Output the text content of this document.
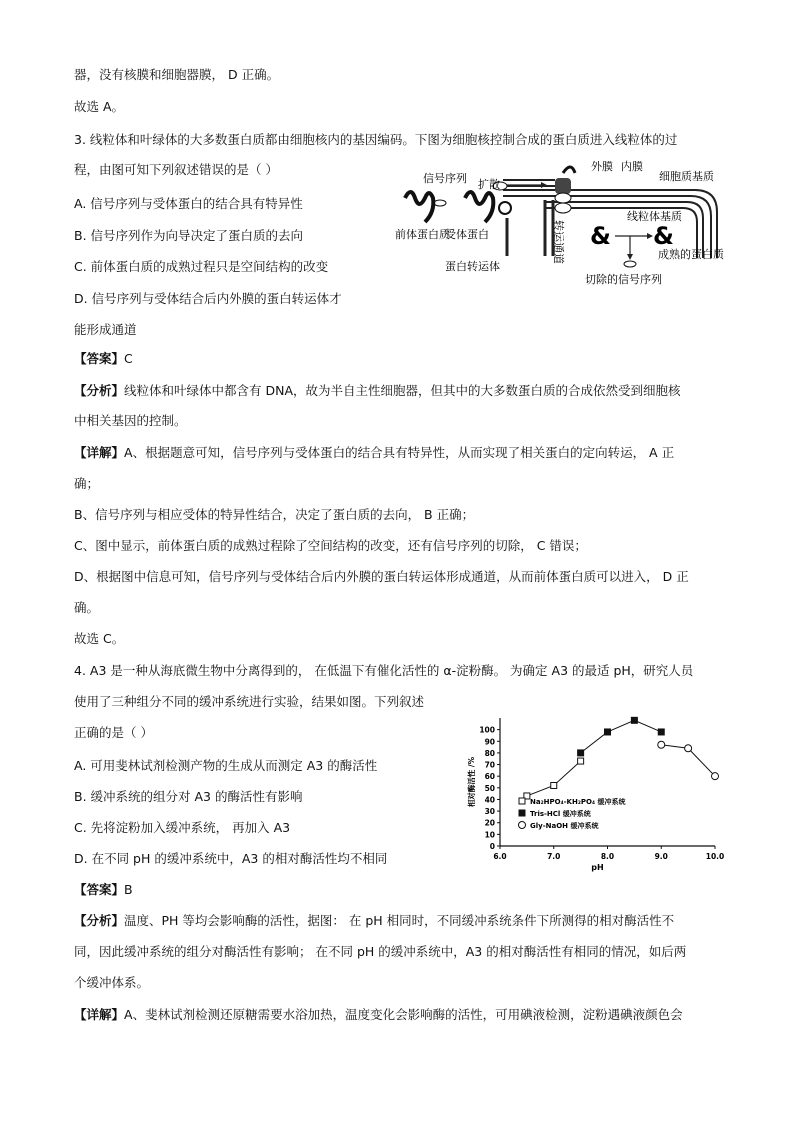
器，没有核膜和细胞器膜， D 正确。
故选 A。
3. 线粒体和叶绿体的大多数蛋白质都由细胞核内的基因编码。下图为细胞核控制合成的蛋白质进入线粒体的过
程，由图可知下列叙述错误的是（ ）
A. 信号序列与受体蛋白的结合具有特异性
B. 信号序列作为向导决定了蛋白质的去向
C. 前体蛋白质的成熟过程只是空间结构的改变
D. 信号序列与受体结合后内外膜的蛋白转运体才
能形成通道
& &
信号序列 扩散
外膜 内膜
细胞质基质
线粒体基质
前体蛋白质
受体蛋白
蛋白转运体
转运通道	成熟的蛋白质
切除的信号序列
【答案】C
【分析】线粒体和叶绿体中都含有 DNA，故为半自主性细胞器，但其中的大多数蛋白质的合成依然受到细胞核
中相关基因的控制。
【详解】A、根据题意可知，信号序列与受体蛋白的结合具有特异性，从而实现了相关蛋白的定向转运， A 正
确；
B、信号序列与相应受体的特异性结合，决定了蛋白质的去向， B 正确；
C、图中显示，前体蛋白质的成熟过程除了空间结构的改变，还有信号序列的切除， C 错误；
D、根据图中信息可知，信号序列与受体结合后内外膜的蛋白转运体形成通道，从而前体蛋白质可以进入， D 正
确。
故选 C。
4. A3 是一种从海底微生物中分离得到的， 在低温下有催化活性的 α-淀粉酶。 为确定 A3 的最适 pH，研究人员
使用了三种组分不同的缓冲系统进行实验，结果如图。下列叙述
正确的是（ ）
A. 可用斐林试剂检测产物的生成从而测定 A3 的酶活性
B. 缓冲系统的组分对 A3 的酶活性有影响
C. 先将淀粉加入缓冲系统， 再加入 A3
D. 在不同 pH 的缓冲系统中，A3 的相对酶活性均不相同
0
10
20
30
40
50
60
70
80
90
100
6.0	7.0	8.0	9.0	10.0
pH
相对酶活性 /%	Na₂HPO₄-KH₂PO₄ 缓冲系统
Tris-HCl 缓冲系统
Gly-NaOH 缓冲系统
【答案】B
【分析】温度、PH 等均会影响酶的活性，据图： 在 pH 相同时，不同缓冲系统条件下所测得的相对酶活性不
同，因此缓冲系统的组分对酶活性有影响； 在不同 pH 的缓冲系统中，A3 的相对酶活性有相同的情况，如后两
个缓冲体系。
【详解】A、斐林试剂检测还原糖需要水浴加热，温度变化会影响酶的活性，可用碘液检测，淀粉遇碘液颜色会
